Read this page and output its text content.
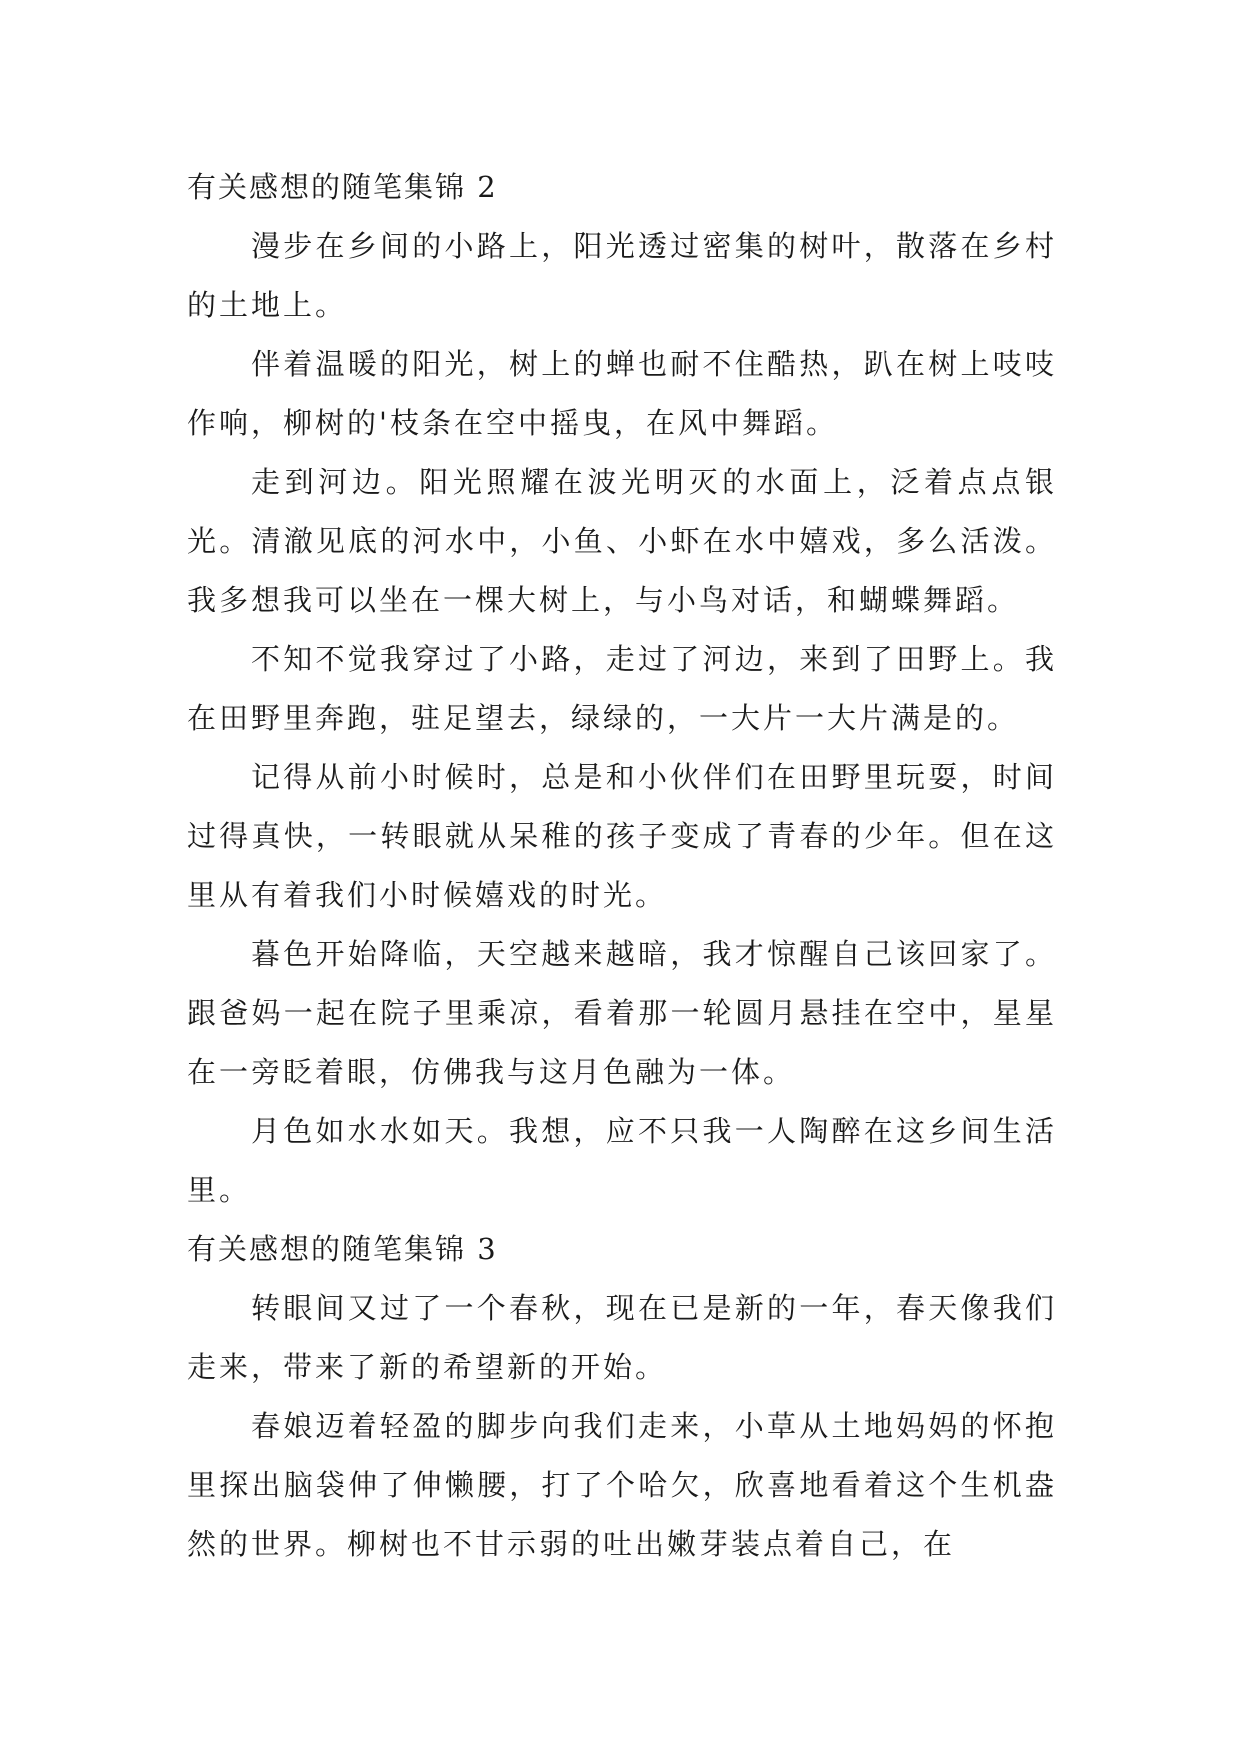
有关感想的随笔集锦 2

漫步在乡间的小路上，阳光透过密集的树叶，散落在乡村的土地上。

伴着温暖的阳光，树上的蝉也耐不住酷热，趴在树上吱吱作响，柳树的'枝条在空中摇曳，在风中舞蹈。

走到河边。阳光照耀在波光明灭的水面上，泛着点点银光。清澈见底的河水中，小鱼、小虾在水中嬉戏，多么活泼。我多想我可以坐在一棵大树上，与小鸟对话，和蝴蝶舞蹈。

不知不觉我穿过了小路，走过了河边，来到了田野上。我在田野里奔跑，驻足望去，绿绿的，一大片一大片满是的。

记得从前小时候时，总是和小伙伴们在田野里玩耍，时间过得真快，一转眼就从呆稚的孩子变成了青春的少年。但在这里从有着我们小时候嬉戏的时光。

暮色开始降临，天空越来越暗，我才惊醒自己该回家了。跟爸妈一起在院子里乘凉，看着那一轮圆月悬挂在空中，星星在一旁眨着眼，仿佛我与这月色融为一体。

月色如水水如天。我想，应不只我一人陶醉在这乡间生活里。

有关感想的随笔集锦 3

转眼间又过了一个春秋，现在已是新的一年，春天像我们走来，带来了新的希望新的开始。

春娘迈着轻盈的脚步向我们走来，小草从土地妈妈的怀抱里探出脑袋伸了伸懒腰，打了个哈欠，欣喜地看着这个生机盎然的世界。柳树也不甘示弱的吐出嫩芽装点着自己，在
